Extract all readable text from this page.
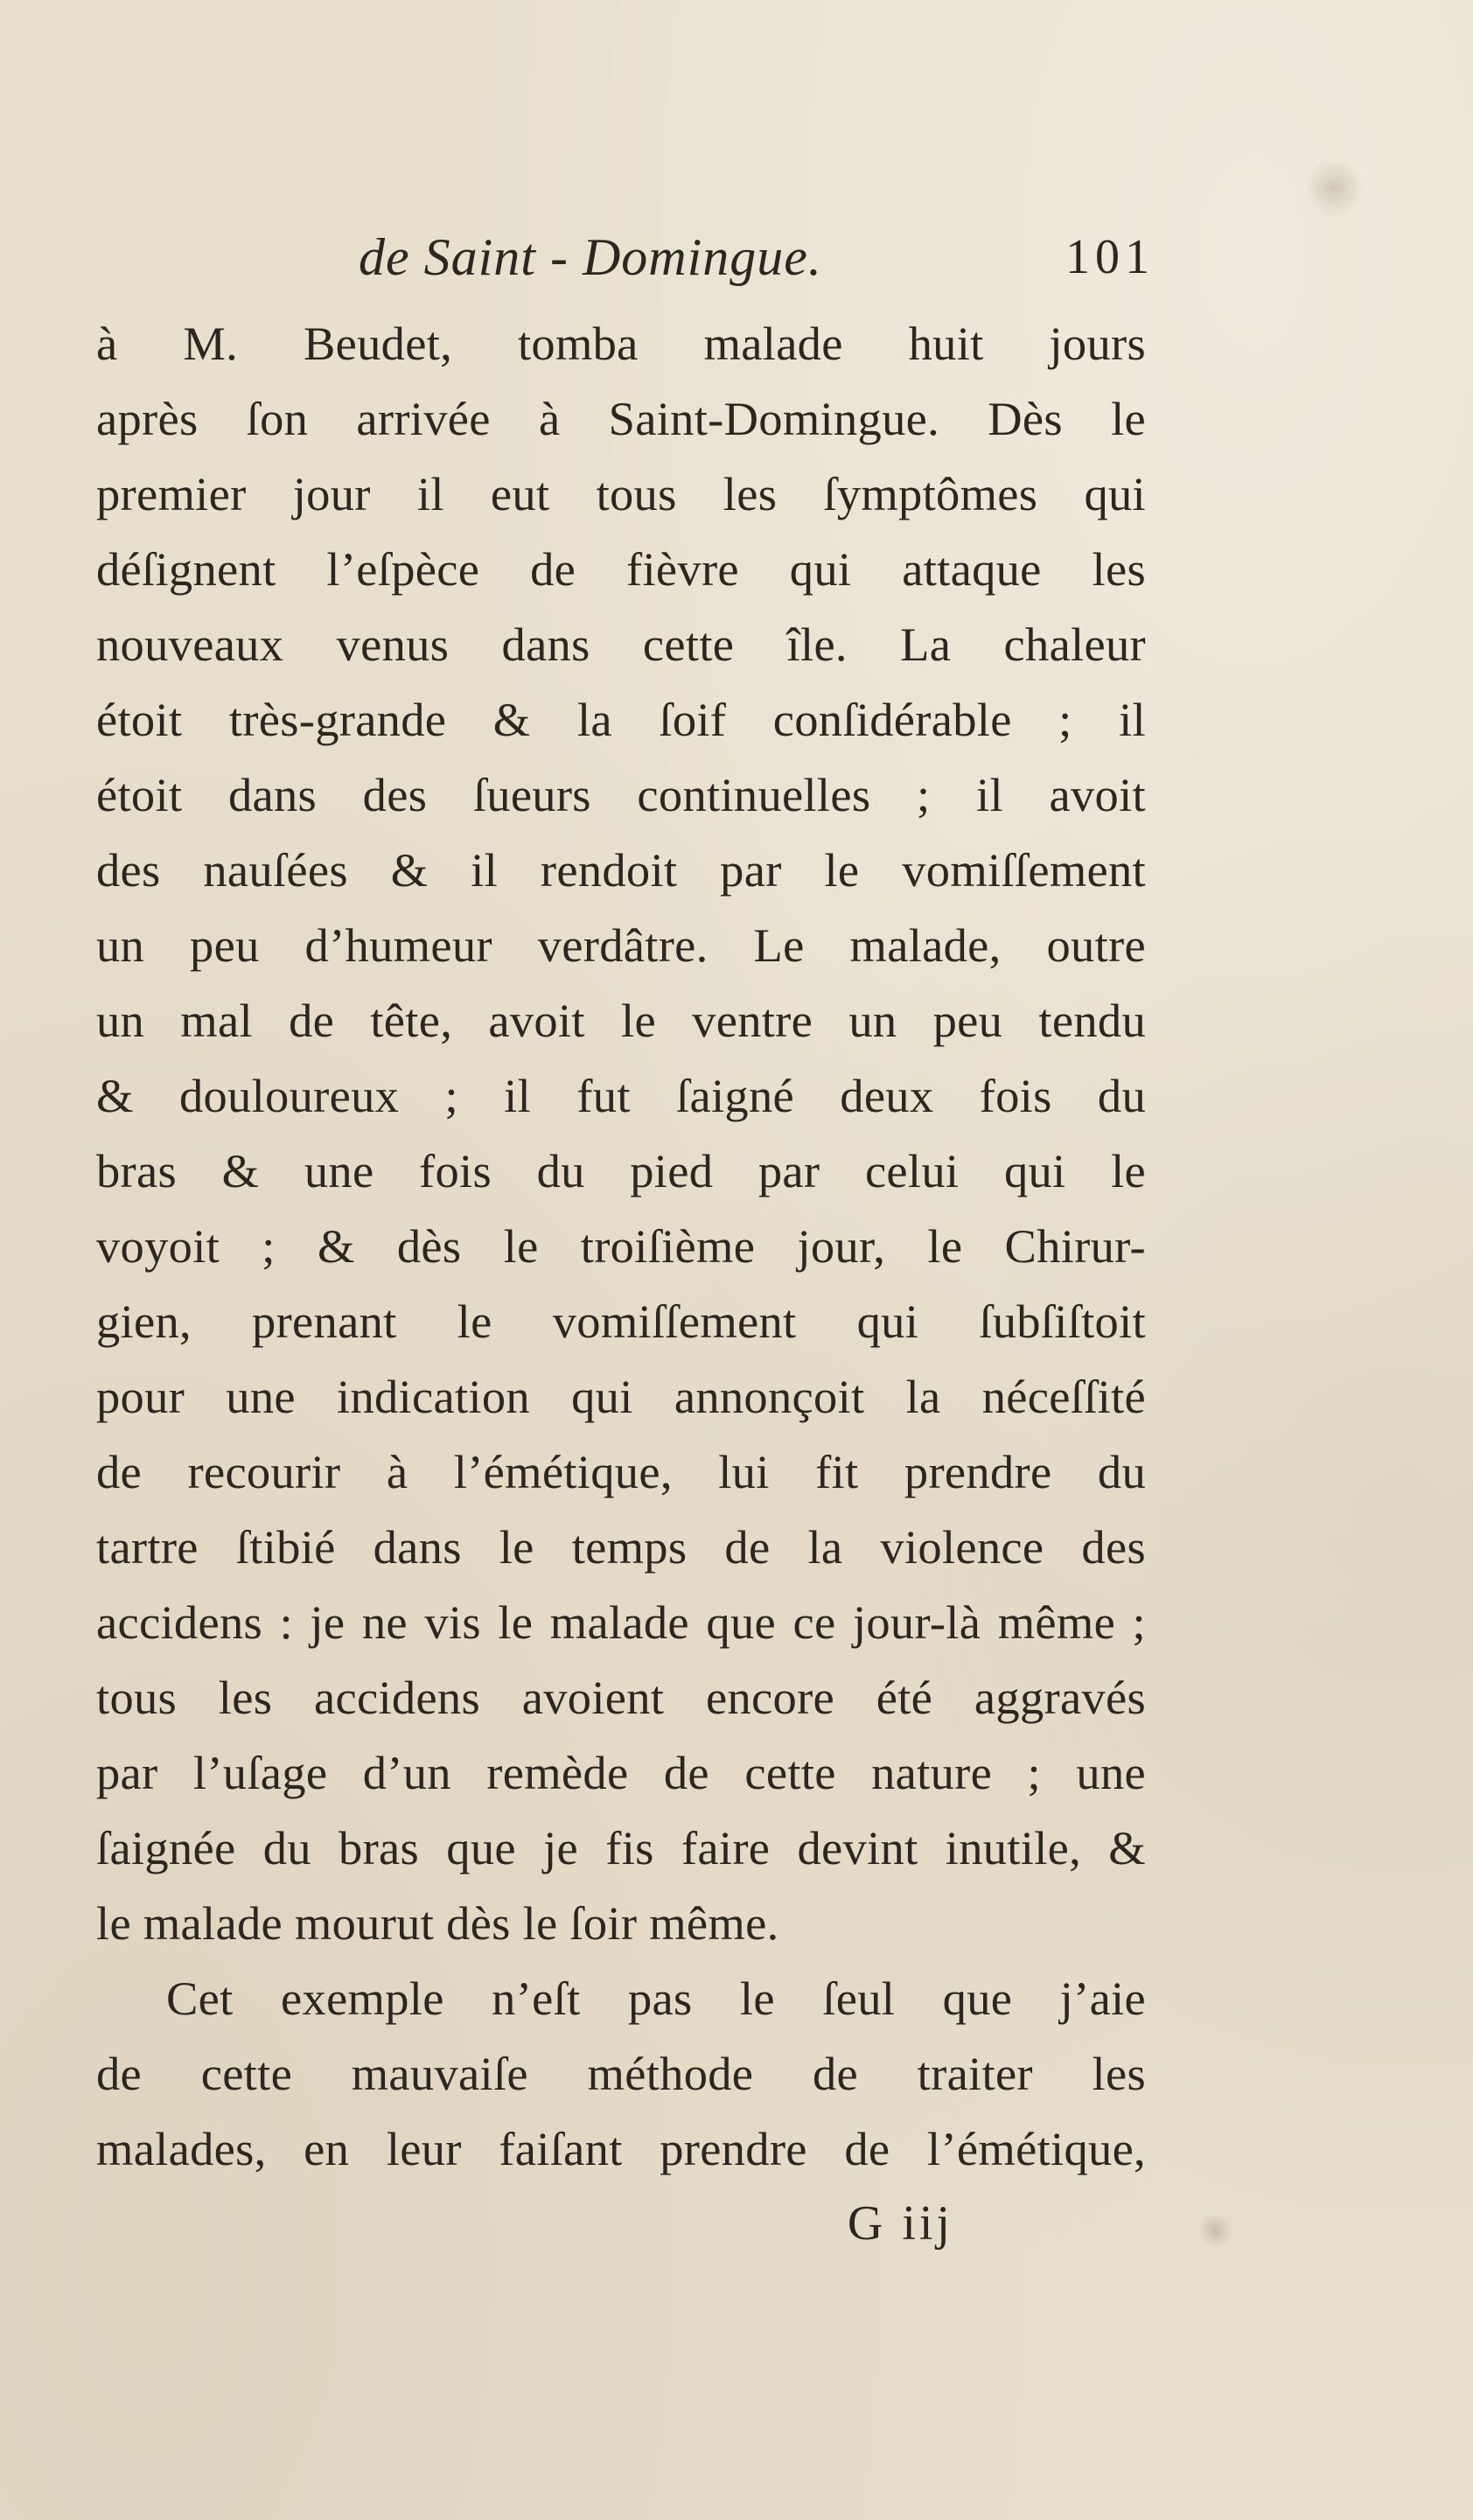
de Saint - Domingue.	101
à M. Beudet, tomba malade huit jours
après ſon arrivée à Saint-Domingue. Dès le
premier jour il eut tous les ſymptômes qui
déſignent l’eſpèce de fièvre qui attaque les
nouveaux venus dans cette île. La chaleur
étoit très-grande & la ſoif conſidérable ; il
étoit dans des ſueurs continuelles ; il avoit
des nauſées & il rendoit par le vomiſſement
un peu d’humeur verdâtre. Le malade, outre
un mal de tête, avoit le ventre un peu tendu
& douloureux ; il fut ſaigné deux fois du
bras & une fois du pied par celui qui le
voyoit ; & dès le troiſième jour, le Chirur-
gien, prenant le vomiſſement qui ſubſiſtoit
pour une indication qui annonçoit la néceſſité
de recourir à l’émétique, lui fit prendre du
tartre ſtibié dans le temps de la violence des
accidens : je ne vis le malade que ce jour-là même ;
tous les accidens avoient encore été aggravés
par l’uſage d’un remède de cette nature ; une
ſaignée du bras que je fis faire devint inutile, &
le malade mourut dès le ſoir même.
Cet exemple n’eſt pas le ſeul que j’aie
de cette mauvaiſe méthode de traiter les
malades, en leur faiſant prendre de l’émétique,
G iij
